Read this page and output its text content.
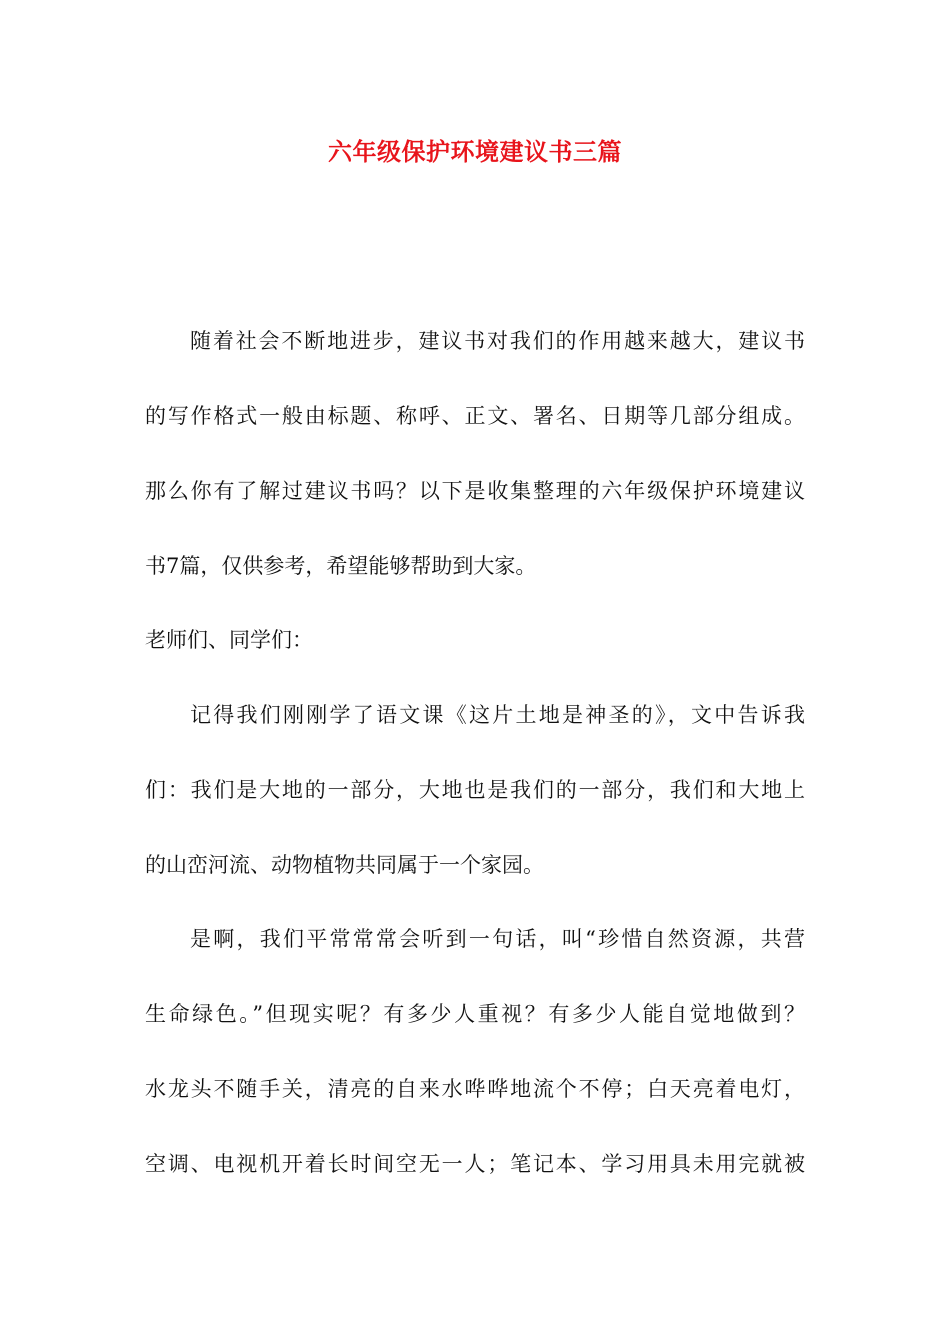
六年级保护环境建议书三篇

随着社会不断地进步，建议书对我们的作用越来越大，建议书

的写作格式一般由标题、称呼、正文、署名、日期等几部分组成。

那么你有了解过建议书吗？以下是收集整理的六年级保护环境建议

书7篇，仅供参考，希望能够帮助到大家。

老师们、同学们：

记得我们刚刚学了语文课《这片土地是神圣的》，文中告诉我

们：我们是大地的一部分，大地也是我们的一部分，我们和大地上

的山峦河流、动物植物共同属于一个家园。

是啊，我们平常常常会听到一句话，叫“珍惜自然资源，共营

生命绿色。”但现实呢？有多少人重视？有多少人能自觉地做到？

水龙头不随手关，清亮的自来水哗哗地流个不停；白天亮着电灯，

空调、电视机开着长时间空无一人；笔记本、学习用具未用完就被
